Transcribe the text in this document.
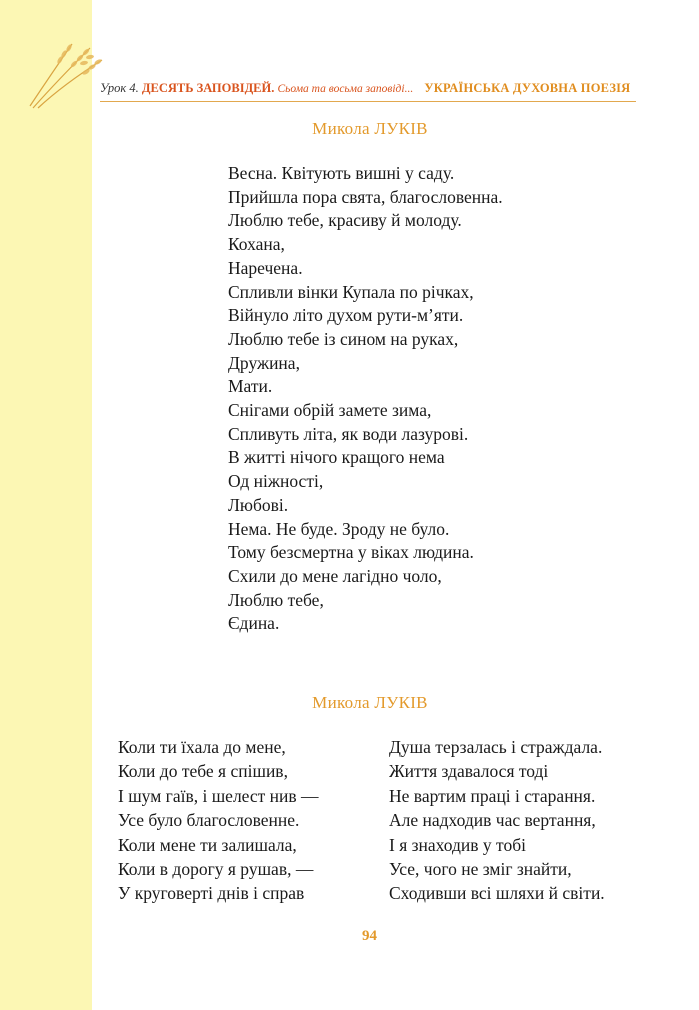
Урок 4. ДЕСЯТЬ ЗАПОВІДЕЙ. Сьома та восьма заповіді... УКРАЇНСЬКА ДУХОВНА ПОЕЗІЯ
Микола ЛУКІВ
Весна. Квітують вишні у саду.
Прийшла пора свята, благословенна.
Люблю тебе, красиву й молоду.
Кохана,
Наречена.
Спливли вінки Купала по річках,
Війнуло літо духом рути-м’яти.
Люблю тебе із сином на руках,
Дружина,
Мати.
Снігами обрій замете зима,
Спливуть літа, як води лазурові.
В житті нічого кращого нема
Од ніжності,
Любові.
Нема. Не буде. Зроду не було.
Тому безсмертна у віках людина.
Схили до мене лагідно чоло,
Люблю тебе,
Єдина.
Микола ЛУКІВ
Коли ти їхала до мене,
Коли до тебе я спішив,
І шум гаїв, і шелест нив —
Усе було благословенне.
Коли мене ти залишала,
Коли в дорогу я рушав, —
У круговерті днів і справ
Душа терзалась і страждала.
Життя здавалося тоді
Не вартим праці і старання.
Але надходив час вертання,
І я знаходив у тобі
Усе, чого не зміг знайти,
Сходивши всі шляхи й світи.
94
